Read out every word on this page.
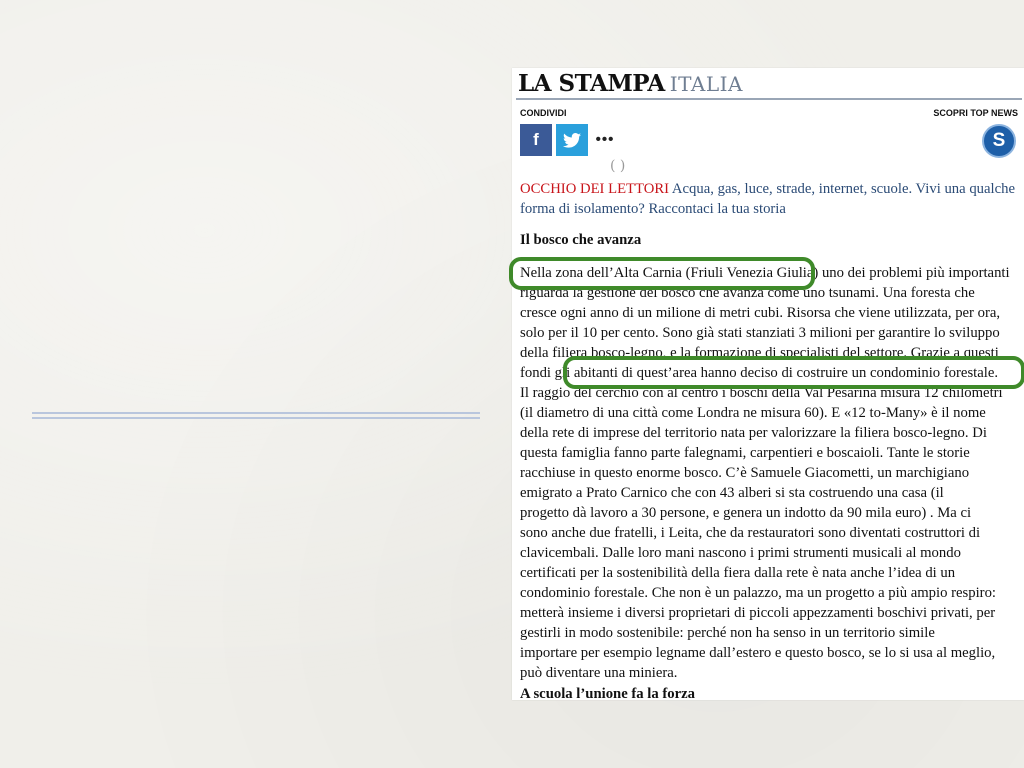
LA STAMPA ITALIA
CONDIVIDI	SCOPRI TOP NEWS
f	•••	S
( )
OCCHIO DEI LETTORI Acqua, gas, luce, strade, internet, scuole. Vivi una qualche
forma di isolamento? Raccontaci la tua storia
Il bosco che avanza
Nella zona dell’Alta Carnia (Friuli Venezia Giulia) uno dei problemi più importanti
riguarda la gestione del bosco che avanza come uno tsunami. Una foresta che
cresce ogni anno di un milione di metri cubi. Risorsa che viene utilizzata, per ora,
solo per il 10 per cento. Sono già stati stanziati 3 milioni per garantire lo sviluppo
della filiera bosco-legno, e la formazione di specialisti del settore. Grazie a questi
fondi gli abitanti di quest’area hanno deciso di costruire un condominio forestale.
Il raggio del cerchio con al centro i boschi della Val Pesarina misura 12 chilometri
(il diametro di una città come Londra ne misura 60). E «12 to-Many» è il nome
della rete di imprese del territorio nata per valorizzare la filiera bosco-legno. Di
questa famiglia fanno parte falegnami, carpentieri e boscaioli. Tante le storie
racchiuse in questo enorme bosco. C’è Samuele Giacometti, un marchigiano
emigrato a Prato Carnico che con 43 alberi si sta costruendo una casa (il
progetto dà lavoro a 30 persone, e genera un indotto da 90 mila euro) . Ma ci
sono anche due fratelli, i Leita, che da restauratori sono diventati costruttori di
clavicembali. Dalle loro mani nascono i primi strumenti musicali al mondo
certificati per la sostenibilità della fiera dalla rete è nata anche l’idea di un
condominio forestale. Che non è un palazzo, ma un progetto a più ampio respiro:
metterà insieme i diversi proprietari di piccoli appezzamenti boschivi privati, per
gestirli in modo sostenibile: perché non ha senso in un territorio simile
importare per esempio legname dall’estero e questo bosco, se lo si usa al meglio,
può diventare una miniera.
A scuola l’unione fa la forza
